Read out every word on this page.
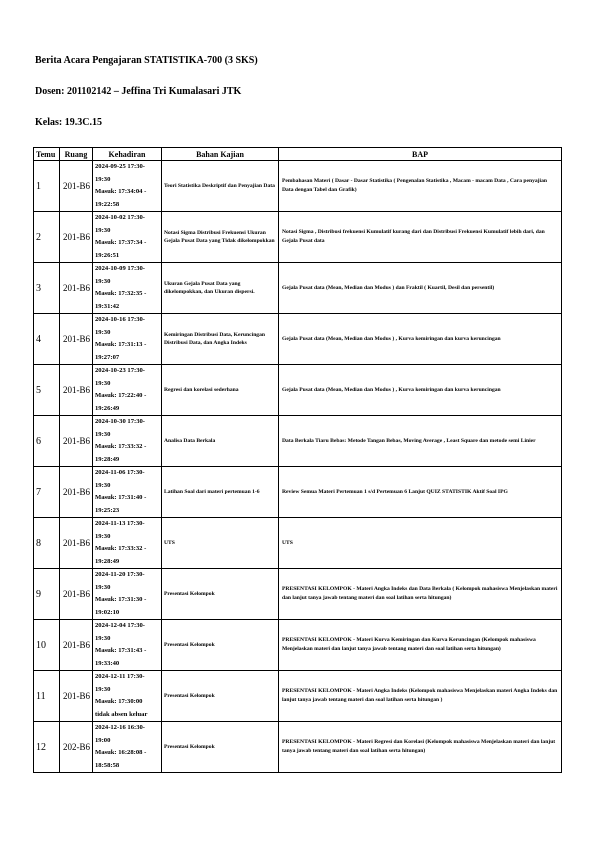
Berita Acara Pengajaran STATISTIKA-700 (3 SKS)
Dosen: 201102142 – Jeffina Tri Kumalasari JTK
Kelas: 19.3C.15
Temu	Ruang	Kehadiran	Bahan Kajian	BAP
1	201-B6	2024-09-25 17:30-
19:30
Masuk: 17:34:04 -
19:22:58	Teori Statistika Deskriptif dan Penyajian Data	Pembahasan Materi ( Dasar - Dasar Statistika ( Pengenalan Statistika , Macam - macam Data , Cara penyajian Data dengan Tabel dan Grafik)
2	201-B6	2024-10-02 17:30-
19:30
Masuk: 17:37:34 -
19:26:51	Notasi Sigma Distribusi Frekuensi Ukuran Gejala Pusat Data yang Tidak dikelompokkan	Notasi Sigma , Distribusi frekuensi Kumulatif kurang dari dan Distribusi Frekuensi Kumulatif lebih dari, dan Gejala Pusat data
3	201-B6	2024-10-09 17:30-
19:30
Masuk: 17:32:35 -
19:31:42	Ukuran Gejala Pusat Data yang dikelompokkan, dan Ukuran dispersi.	Gejala Pusat data (Mean, Median dan Modus ) dan Fraktil ( Kuartil, Desil dan persentil)
4	201-B6	2024-10-16 17:30-
19:30
Masuk: 17:31:13 -
19:27:07	Kemiringan Distribusi Data, Keruncingan Distribusi Data, dan Angka Indeks	Gejala Pusat data (Mean, Median dan Modus ) , Kurva kemiringan dan kurva keruncingan
5	201-B6	2024-10-23 17:30-
19:30
Masuk: 17:22:40 -
19:26:49	Regresi dan korelasi sederhana	Gejala Pusat data (Mean, Median dan Modus ) , Kurva kemiringan dan kurva keruncingan
6	201-B6	2024-10-30 17:30-
19:30
Masuk: 17:33:32 -
19:28:49	Analisa Data Berkala	Data Berkala Tiaru Bebas: Metode Tangan Bebas, Moving Average , Least Square dan metode semi Linier
7	201-B6	2024-11-06 17:30-
19:30
Masuk: 17:31:40 -
19:25:23	Latihan Soal dari materi pertemuan 1-6	Review Semua Materi Pertemuan 1 s/d Pertemuan 6 Lanjut QUIZ STATISTIK Aktif Soal IPG
8	201-B6	2024-11-13 17:30-
19:30
Masuk: 17:33:32 -
19:28:49	UTS	UTS
9	201-B6	2024-11-20 17:30-
19:30
Masuk: 17:31:30 -
19:02:10	Presentasi Kelompok	PRESENTASI KELOMPOK - Materi Angka Indeks dan Data Berkala ( Kelompok mahasiswa Menjelaskan materi dan lanjut tanya jawab tentang materi dan soal latihan serta hitungan)
10	201-B6	2024-12-04 17:30-
19:30
Masuk: 17:31:43 -
19:33:40	Presentasi Kelompok	PRESENTASI KELOMPOK - Materi Kurva Kemiringan dan Kurva Keruncingan (Kelompok mahasiswa Menjelaskan materi dan lanjut tanya jawab tentang materi dan soal latihan serta hitungan)
11	201-B6	2024-12-11 17:30-
19:30
Masuk: 17:30:00
tidak absen keluar	Presentasi Kelompok	PRESENTASI KELOMPOK - Materi Angka Indeks (Kelompok mahasiswa Menjelaskan materi Angka Indeks dan lanjut tanya jawab tentang materi dan soal latihan serta hitungan )
12	202-B6	2024-12-16 16:30-
19:00
Masuk: 16:28:08 -
18:58:58	Presentasi Kelompok	PRESENTASI KELOMPOK - Materi Regresi dan Korelasi (Kelompok mahasiswa Menjelaskan materi dan lanjut tanya jawab tentang materi dan soal latihan serta hitungan)
